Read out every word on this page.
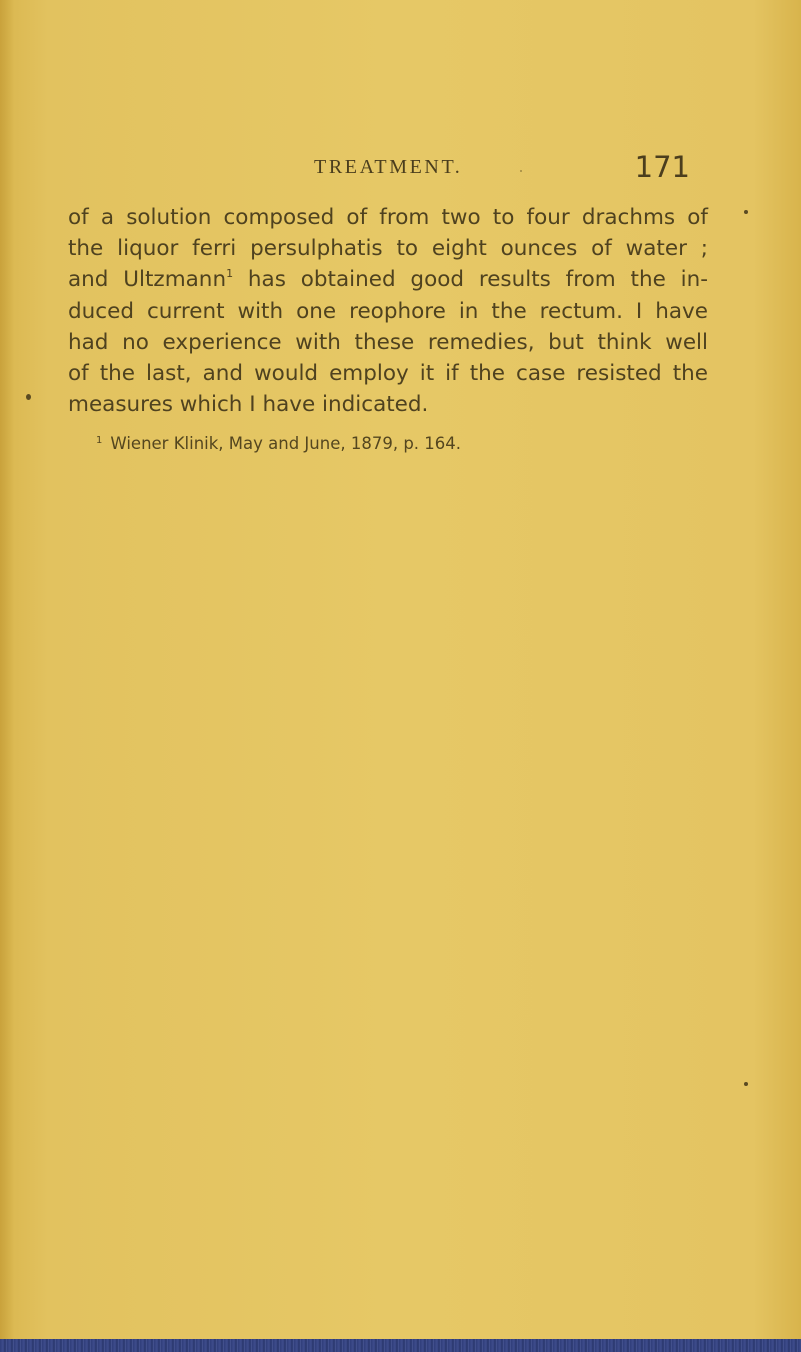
TREATMENT.	171
of a solution composed of from two to four drachms of
the liquor ferri persulphatis to eight ounces of water ;
and Ultzmann$^1$ has obtained good results from the in-
duced current with one reophore in the rectum. I have
had no experience with these remedies, but think well
of the last, and would employ it if the case resisted the
measures which I have indicated.
$^1$ Wiener Klinik, May and June, 1879, p. 164.
